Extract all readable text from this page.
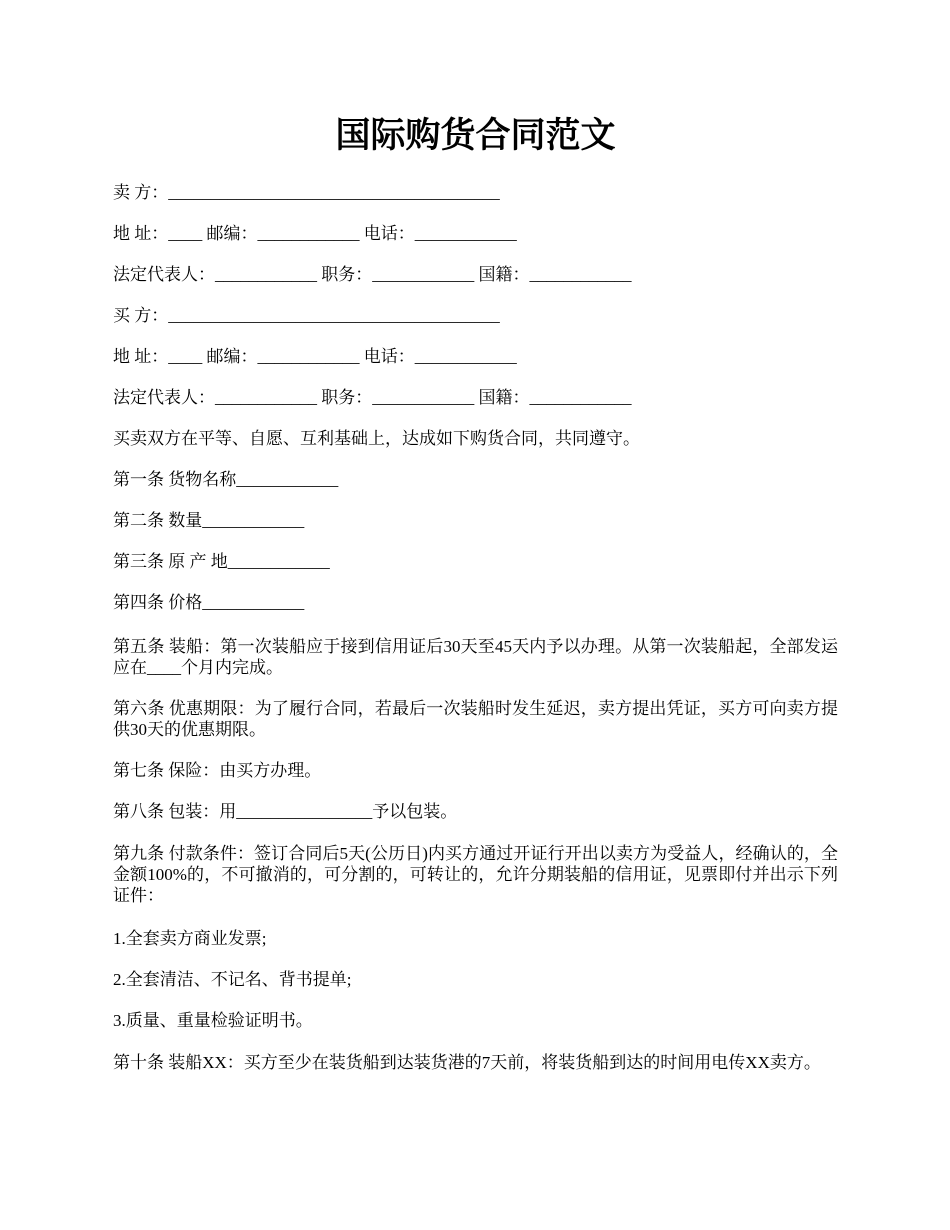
国际购货合同范文

卖 方：_______________________________________

地 址：____ 邮编：____________ 电话：____________

法定代表人：____________ 职务：____________ 国籍：____________

买 方：_______________________________________

地 址：____ 邮编：____________ 电话：____________

法定代表人：____________ 职务：____________ 国籍：____________

买卖双方在平等、自愿、互利基础上，达成如下购货合同，共同遵守。

第一条 货物名称____________

第二条 数量____________

第三条 原 产 地____________

第四条 价格____________

第五条 装船：第一次装船应于接到信用证后30天至45天内予以办理。从第一次装船起，全部发运应在____个月内完成。

第六条 优惠期限：为了履行合同，若最后一次装船时发生延迟，卖方提出凭证，买方可向卖方提供30天的优惠期限。

第七条 保险：由买方办理。

第八条 包装：用________________予以包装。

第九条 付款条件：签订合同后5天(公历日)内买方通过开证行开出以卖方为受益人，经确认的，全金额100%的，不可撤消的，可分割的，可转让的，允许分期装船的信用证，见票即付并出示下列证件：

1.全套卖方商业发票;

2.全套清洁、不记名、背书提单;

3.质量、重量检验证明书。

第十条 装船XX：买方至少在装货船到达装货港的7天前，将装货船到达的时间用电传XX卖方。
